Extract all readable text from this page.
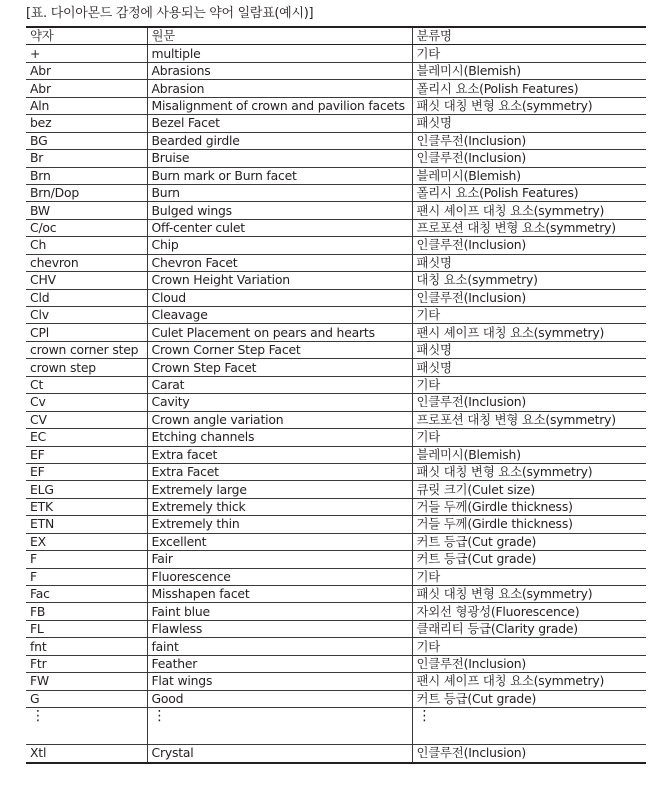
[표. 다이아몬드 감정에 사용되는 약어 일람표(예시)]
약자	원문	분류명
+	multiple	기타
Abr	Abrasions	블레미시(Blemish)
Abr	Abrasion	폴리시 요소(Polish Features)
Aln	Misalignment of crown and pavilion facets	패싯 대칭 변형 요소(symmetry)
bez	Bezel Facet	패싯명
BG	Bearded girdle	인클루전(Inclusion)
Br	Bruise	인클루전(Inclusion)
Brn	Burn mark or Burn facet	블레미시(Blemish)
Brn/Dop	Burn	폴리시 요소(Polish Features)
BW	Bulged wings	팬시 셰이프 대칭 요소(symmetry)
C/oc	Off-center culet	프로포션 대칭 변형 요소(symmetry)
Ch	Chip	인클루전(Inclusion)
chevron	Chevron Facet	패싯명
CHV	Crown Height Variation	대칭 요소(symmetry)
Cld	Cloud	인클루전(Inclusion)
Clv	Cleavage	기타
CPl	Culet Placement on pears and hearts	팬시 셰이프 대칭 요소(symmetry)
crown corner step	Crown Corner Step Facet	패싯명
crown step	Crown Step Facet	패싯명
Ct	Carat	기타
Cv	Cavity	인클루전(Inclusion)
CV	Crown angle variation	프로포션 대칭 변형 요소(symmetry)
EC	Etching channels	기타
EF	Extra facet	블레미시(Blemish)
EF	Extra Facet	패싯 대칭 변형 요소(symmetry)
ELG	Extremely large	큐릿 크기(Culet size)
ETK	Extremely thick	거들 두께(Girdle thickness)
ETN	Extremely thin	거들 두께(Girdle thickness)
EX	Excellent	커트 등급(Cut grade)
F	Fair	커트 등급(Cut grade)
F	Fluorescence	기타
Fac	Misshapen facet	패싯 대칭 변형 요소(symmetry)
FB	Faint blue	자외선 형광성(Fluorescence)
FL	Flawless	클래리티 등급(Clarity grade)
fnt	faint	기타
Ftr	Feather	인클루전(Inclusion)
FW	Flat wings	팬시 셰이프 대칭 요소(symmetry)
G	Good	커트 등급(Cut grade)
⋮	⋮	⋮
Xtl	Crystal	인클루전(Inclusion)
